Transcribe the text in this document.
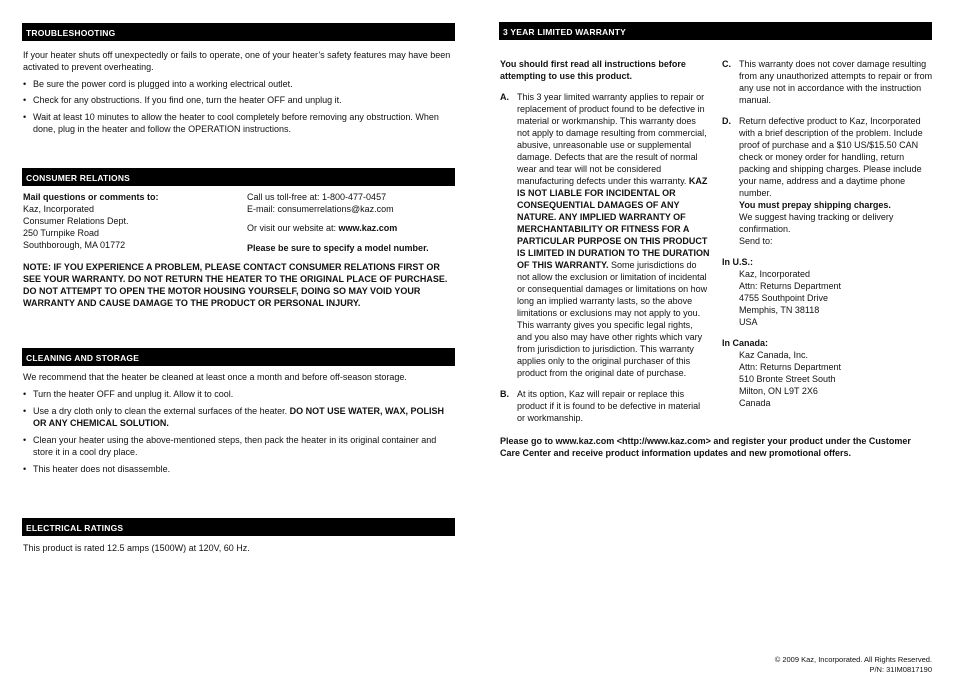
TROUBLESHOOTING

If your heater shuts off unexpectedly or fails to operate, one of your heater’s safety features may have been activated to prevent overheating.

• Be sure the power cord is plugged into a working electrical outlet.
• Check for any obstructions. If you find one, turn the heater OFF and unplug it.
• Wait at least 10 minutes to allow the heater to cool completely before removing any obstruction. When done, plug in the heater and follow the OPERATION instructions.
CONSUMER RELATIONS

Mail questions or comments to:

Kaz, Incorporated

Consumer Relations Dept.

250 Turnpike Road

Southborough, MA 01772

Call us toll-free at: 1-800-477-0457

E-mail: consumerrelations@kaz.com

Or visit our website at: www.kaz.com

Please be sure to specify a model number.

NOTE: IF YOU EXPERIENCE A PROBLEM, PLEASE CONTACT CONSUMER RELATIONS FIRST OR SEE YOUR WARRANTY. DO NOT RETURN THE HEATER TO THE ORIGINAL PLACE OF PURCHASE. DO NOT ATTEMPT TO OPEN THE MOTOR HOUSING YOURSELF, DOING SO MAY VOID YOUR WARRANTY AND CAUSE DAMAGE TO THE PRODUCT OR PERSONAL INJURY.

CLEANING AND STORAGE

We recommend that the heater be cleaned at least once a month and before off-season storage.

• Turn the heater OFF and unplug it. Allow it to cool.
• Use a dry cloth only to clean the external surfaces of the heater. DO NOT USE WATER, WAX, POLISH OR ANY CHEMICAL SOLUTION.
• Clean your heater using the above-mentioned steps, then pack the heater in its original container and store it in a cool dry place.
• This heater does not disassemble.
ELECTRICAL RATINGS

This product is rated 12.5 amps (1500W) at 120V, 60 Hz.

3 YEAR LIMITED WARRANTY

You should first read all instructions before attempting to use this product.

A. This 3 year limited warranty applies to repair or replacement of product found to be defective in material or workmanship. This warranty does not apply to damage resulting from commercial, abusive, unreasonable use or supplemental damage. Defects that are the result of normal wear and tear will not be considered manufacturing defects under this warranty. KAZ IS NOT LIABLE FOR INCIDENTAL OR CONSEQUENTIAL DAMAGES OF ANY NATURE. ANY IMPLIED WARRANTY OF MERCHANTABILITY OR FITNESS FOR A PARTICULAR PURPOSE ON THIS PRODUCT IS LIMITED IN DURATION TO THE DURATION OF THIS WARRANTY. Some jurisdictions do not allow the exclusion or limitation of incidental or consequential damages or limitations on how long an implied warranty lasts, so the above limitations or exclusions may not apply to you. This warranty gives you specific legal rights, and you also may have other rights which vary from jurisdiction to jurisdiction. This warranty applies only to the original purchaser of this product from the original date of purchase.

B. At its option, Kaz will repair or replace this product if it is found to be defective in material or workmanship.

C. This warranty does not cover damage resulting from any unauthorized attempts to repair or from any use not in accordance with the instruction manual.

D. Return defective product to Kaz, Incorporated with a brief description of the problem. Include proof of purchase and a $10 US/$15.50 CAN check or money order for handling, return packing and shipping charges. Please include your name, address and a daytime phone number.

You must prepay shipping charges.

We suggest having tracking or delivery confirmation.

Send to:

In U.S.:

Kaz, Incorporated

Attn: Returns Department

4755 Southpoint Drive

Memphis, TN 38118

USA

In Canada:

Kaz Canada, Inc.

Attn: Returns Department

510 Bronte Street South

Milton, ON L9T 2X6

Canada

Please go to www.kaz.com <http://www.kaz.com> and register your product under the Customer Care Center and receive product information updates and new promotional offers.

© 2009 Kaz, Incorporated. All Rights Reserved.

P/N: 31IM0817190
